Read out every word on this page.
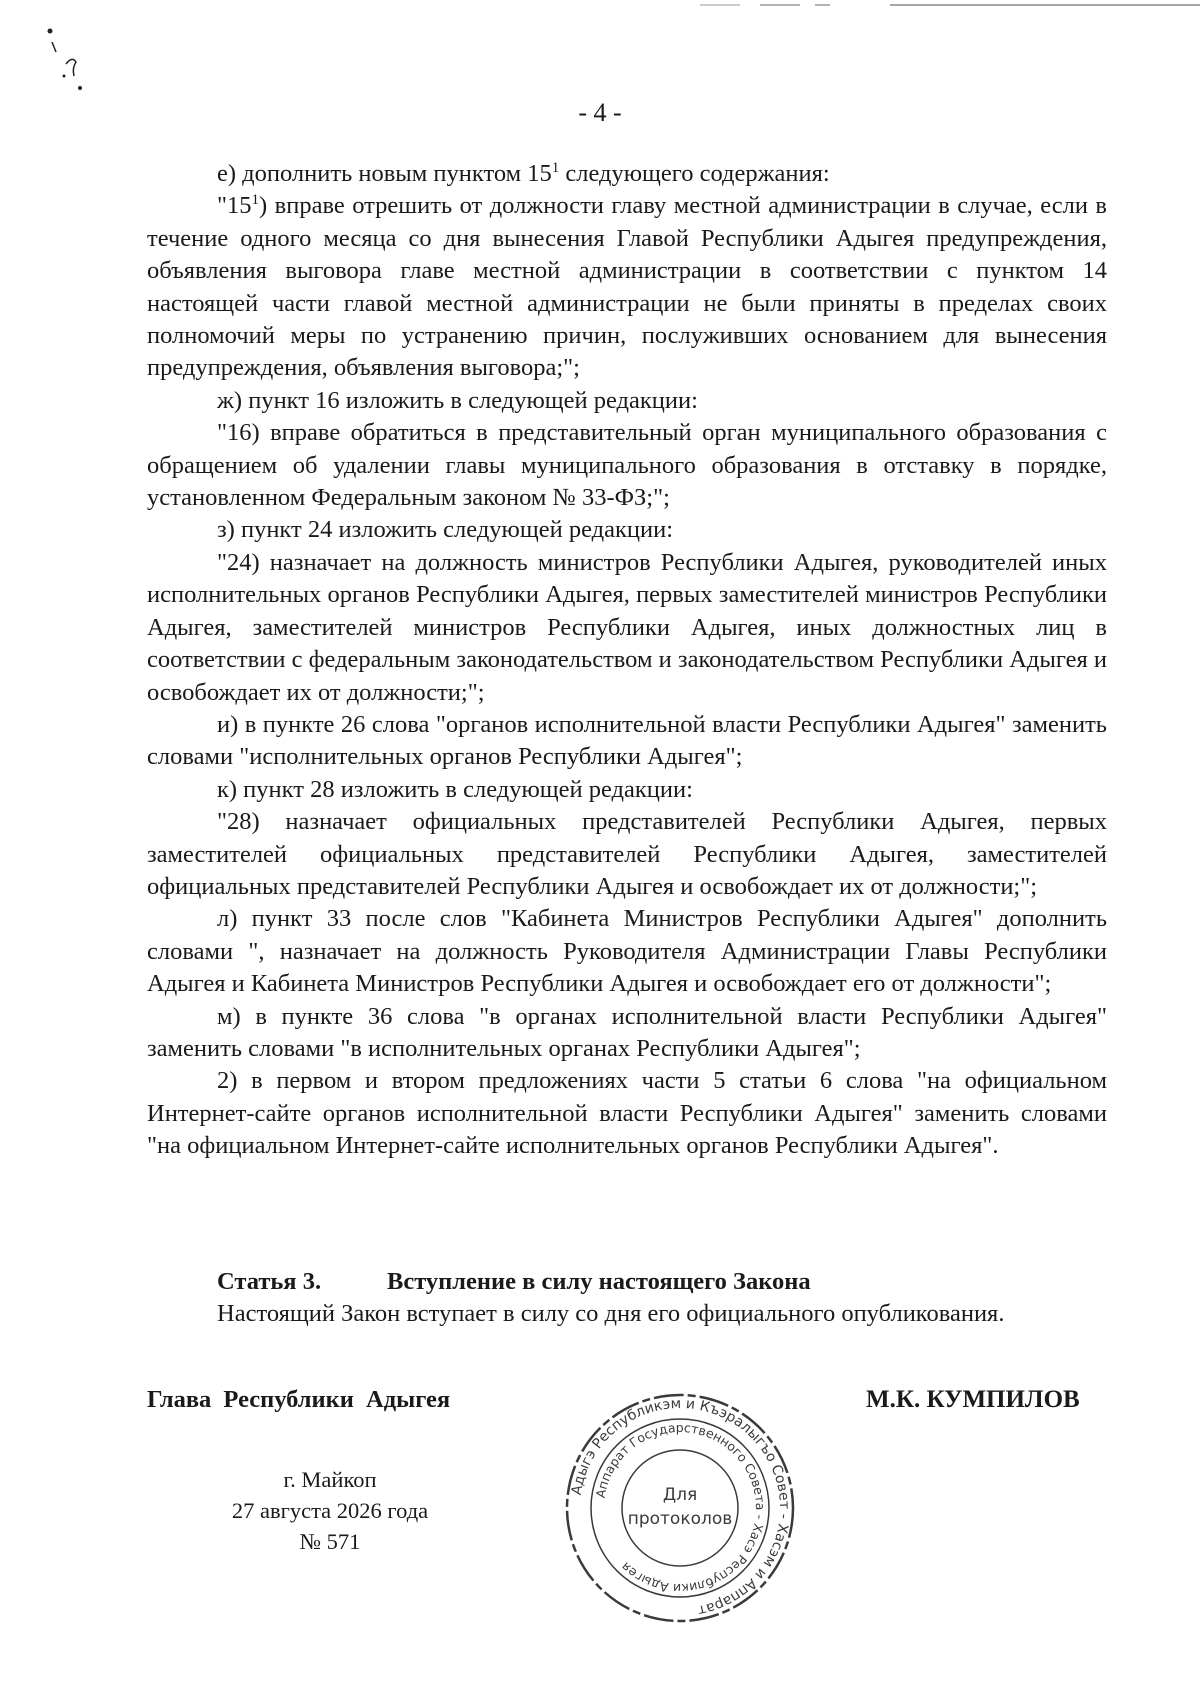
- 4 -

е) дополнить новым пунктом $15^1$ следующего содержания:

"$15^1$) вправе отрешить от должности главу местной администрации в случае, если в течение одного месяца со дня вынесения Главой Республики Адыгея предупреждения, объявления выговора главе местной администрации в соответствии с пунктом 14 настоящей части главой местной администрации не были приняты в пределах своих полномочий меры по устранению причин, послуживших основанием для вынесения предупреждения, объявления выговора;";

ж) пункт 16 изложить в следующей редакции:

"16) вправе обратиться в представительный орган муниципального образования с обращением об удалении главы муниципального образования в отставку в порядке, установленном Федеральным законом № 33-ФЗ;";

з) пункт 24 изложить следующей редакции:

"24) назначает на должность министров Республики Адыгея, руководителей иных исполнительных органов Республики Адыгея, первых заместителей министров Республики Адыгея, заместителей министров Республики Адыгея, иных должностных лиц в соответствии с федеральным законодательством и законодательством Республики Адыгея и освобождает их от должности;";

и) в пункте 26 слова "органов исполнительной власти Республики Адыгея" заменить словами "исполнительных органов Республики Адыгея";

к) пункт 28 изложить в следующей редакции:

"28) назначает официальных представителей Республики Адыгея, первых заместителей официальных представителей Республики Адыгея, заместителей официальных представителей Республики Адыгея и освобождает их от должности;";

л) пункт 33 после слов "Кабинета Министров Республики Адыгея" дополнить словами ", назначает на должность Руководителя Администрации Главы Республики Адыгея и Кабинета Министров Республики Адыгея и освобождает его от должности";

м) в пункте 36 слова "в органах исполнительной власти Республики Адыгея" заменить словами "в исполнительных органах Республики Адыгея";

2) в первом и втором предложениях части 5 статьи 6 слова "на официальном Интернет-сайте органов исполнительной власти Республики Адыгея" заменить словами "на официальном Интернет-сайте исполнительных органов Республики Адыгея".

Статья 3.	Вступление в силу настоящего Закона
Настоящий Закон вступает в силу со дня его официального опубликования.
Глава Республики Адыгея	М.К. КУМПИЛОВ
г. Майкоп
27 августа 2026 года
№ 571
Адыгэ Республикэм и Къэралыгъо Совет - Хасэм и Аппарат
Аппарат Государственного Совета - Хасэ Республики Адыгея
Для
протоколов
